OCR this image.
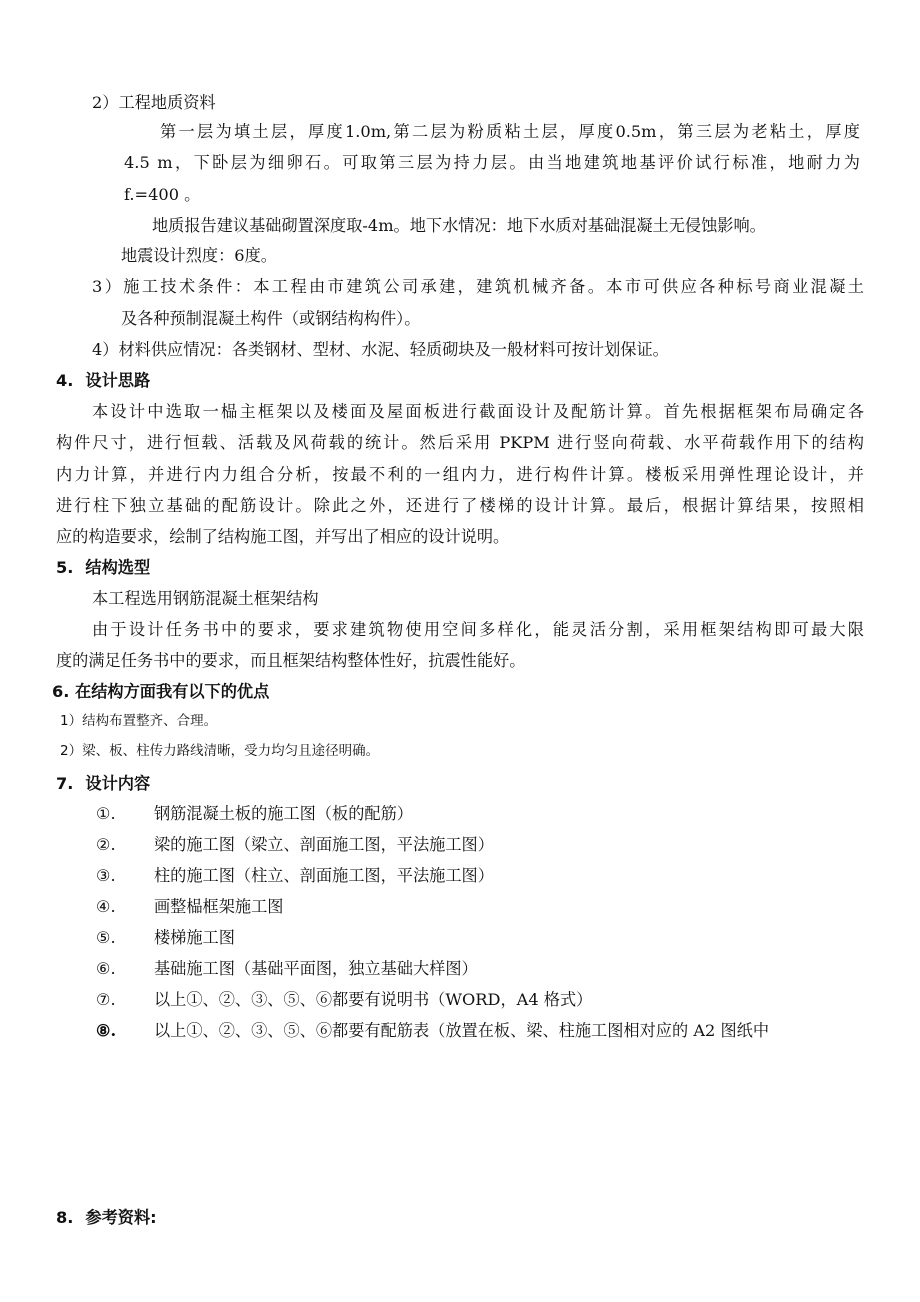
2）工程地质资料
第一层为填土层，厚度1.0m,第二层为粉质粘土层，厚度0.5m，第三层为老粘土，厚度
4.5 m，下卧层为细卵石。可取第三层为持力层。由当地建筑地基评价试行标准，地耐力为
f.=400 。
地质报告建议基础砌置深度取-4m。地下水情况：地下水质对基础混凝土无侵蚀影响。
地震设计烈度：6度。
3）施工技术条件：本工程由市建筑公司承建，建筑机械齐备。本市可供应各种标号商业混凝土
及各种预制混凝土构件（或钢结构构件）。
4）材料供应情况：各类钢材、型材、水泥、轻质砌块及一般材料可按计划保证。
4. 设计思路
本设计中选取一榀主框架以及楼面及屋面板进行截面设计及配筋计算。首先根据框架布局确定各
构件尺寸，进行恒载、活载及风荷载的统计。然后采用 PKPM 进行竖向荷载、水平荷载作用下的结构
内力计算，并进行内力组合分析，按最不利的一组内力，进行构件计算。楼板采用弹性理论设计，并
进行柱下独立基础的配筋设计。除此之外，还进行了楼梯的设计计算。最后，根据计算结果，按照相
应的构造要求，绘制了结构施工图，并写出了相应的设计说明。
5. 结构选型
本工程选用钢筋混凝土框架结构
由于设计任务书中的要求，要求建筑物使用空间多样化，能灵活分割，采用框架结构即可最大限
度的满足任务书中的要求，而且框架结构整体性好，抗震性能好。
6. 在结构方面我有以下的优点
1）结构布置整齐、合理。
2）梁、板、柱传力路线清晰，受力均匀且途径明确。
7. 设计内容
①. 钢筋混凝土板的施工图（板的配筋）
②. 梁的施工图（梁立、剖面施工图，平法施工图）
③. 柱的施工图（柱立、剖面施工图，平法施工图）
④. 画整榀框架施工图
⑤. 楼梯施工图
⑥. 基础施工图（基础平面图，独立基础大样图）
⑦. 以上①、②、③、⑤、⑥都要有说明书（WORD，A4 格式）
⑧. 以上①、②、③、⑤、⑥都要有配筋表（放置在板、梁、柱施工图相对应的 A2 图纸中
8. 参考资料:
